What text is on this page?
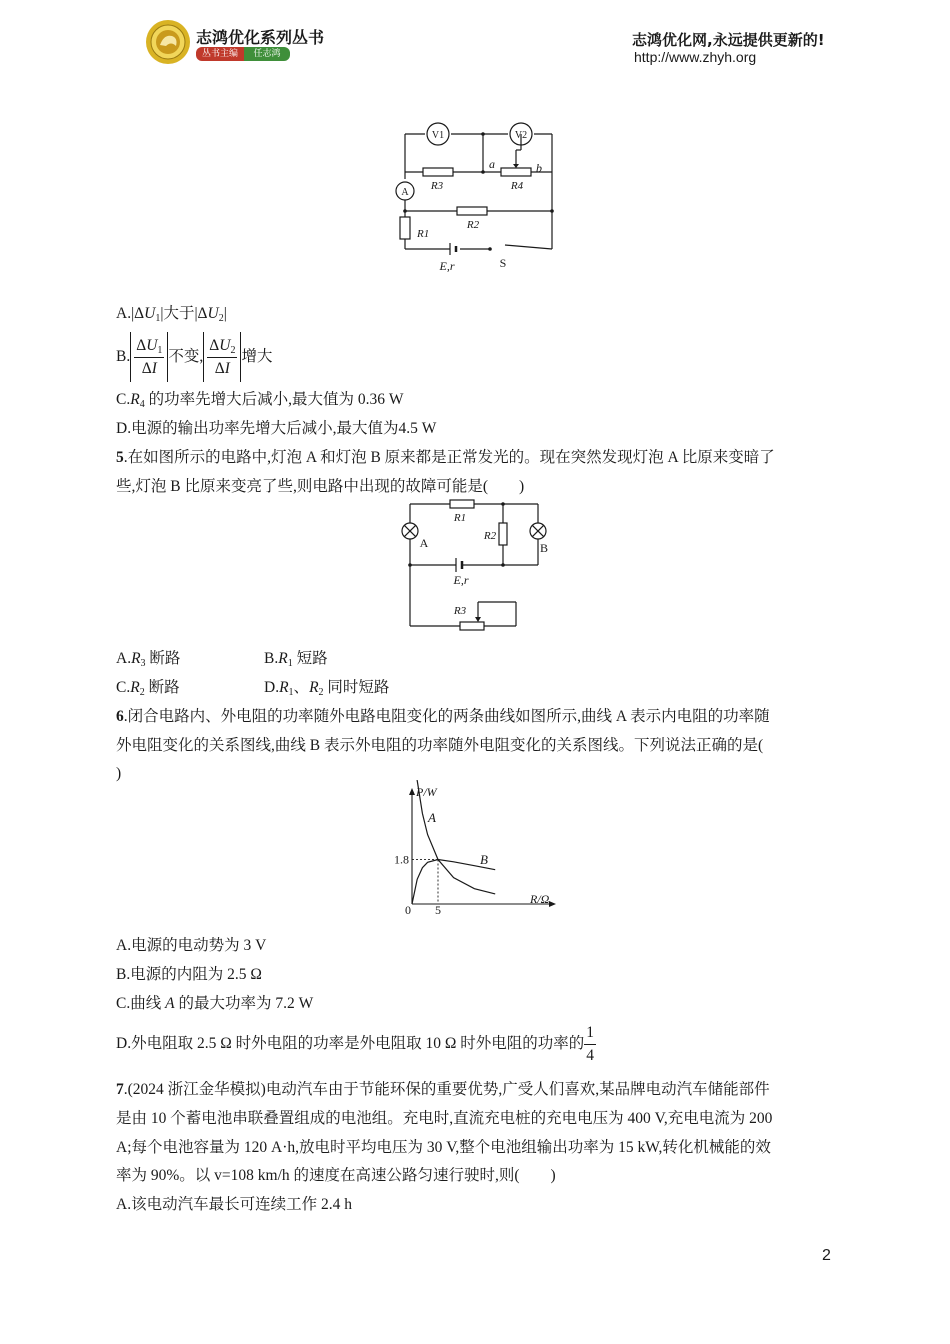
志鸿优化系列丛书
丛书主编	任志鸿
志鸿优化网,永远提供更新的!
http://www.zhyh.org
V1	V2
A
a	b
R3	R4
R2
R1
E,r	S
$A.|\Delta U_1|$大于$|\Delta U_2|$
B. $\frac{\Delta U_1}{\Delta I}$ 不变, $\frac{\Delta U_2}{\Delta I}$ 增大
$C.R_4$ 的功率先增大后减小,最大值为 0.36 W
D.电源的输出功率先增大后减小,最大值为4.5 W
5.在如图所示的电路中,灯泡 A 和灯泡 B 原来都是正常发光的。现在突然发现灯泡 A 比原来变暗了
些,灯泡 B 比原来变亮了些,则电路中出现的故障可能是(　　)
R1
R2
A	B
E,r
R3
$A.R_3$ 断路	$B.R_1$ 短路
$C.R_2$ 断路	$D.R_1$、$R_2$ 同时短路
6.闭合电路内、外电阻的功率随外电路电阻变化的两条曲线如图所示,曲线 A 表示内电阻的功率随
外电阻变化的关系图线,曲线 B 表示外电阻的功率随外电阻变化的关系图线。下列说法正确的是(
)
A
B
P/W
R/Ω
0 5
1.8
A.电源的电动势为 3 V
B.电源的内阻为 2.5 Ω
C.曲线 A 的最大功率为 7.2 W
D.外电阻取 2.5 Ω 时外电阻的功率是外电阻取 10 Ω 时外电阻的功率的 $\frac{1}{4}$
7.(2024 浙江金华模拟)电动汽车由于节能环保的重要优势,广受人们喜欢,某品牌电动汽车储能部件
是由 10 个蓄电池串联叠置组成的电池组。充电时,直流充电桩的充电电压为 400 V,充电电流为 200
A;每个电池容量为 120 A·h,放电时平均电压为 30 V,整个电池组输出功率为 15 kW,转化机械能的效
率为 90%。以 v=108 km/h 的速度在高速公路匀速行驶时,则(　　)
A.该电动汽车最长可连续工作 2.4 h
2
